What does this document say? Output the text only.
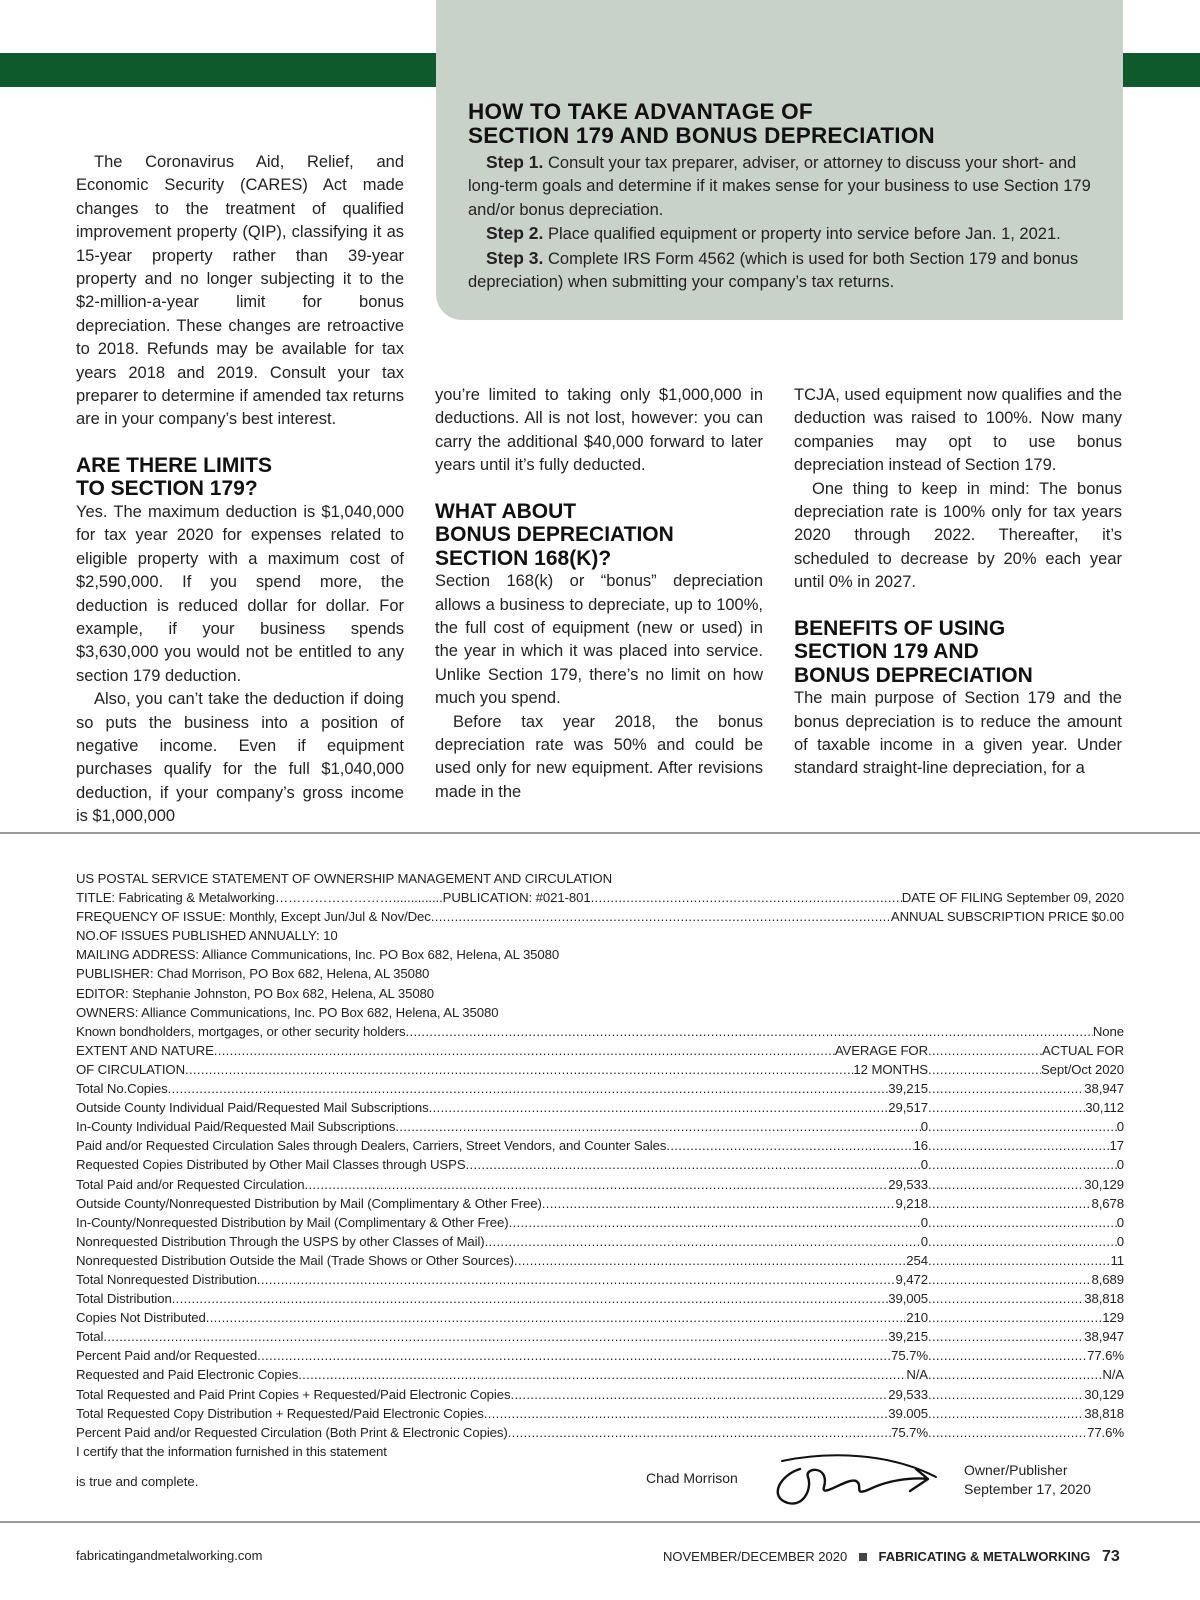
HOW TO TAKE ADVANTAGE OF
SECTION 179 AND BONUS DEPRECIATION

Step 1. Consult your tax preparer, adviser, or attorney to discuss your short- and long-term goals and determine if it makes sense for your business to use Section 179 and/or bonus depreciation.

Step 2. Place qualified equipment or property into service before Jan. 1, 2021.

Step 3. Complete IRS Form 4562 (which is used for both Section 179 and bonus depreciation) when submitting your company’s tax returns.

The Coronavirus Aid, Relief, and Economic Security (CARES) Act made changes to the treatment of qualified improvement property (QIP), classifying it as 15-year property rather than 39-year property and no longer subjecting it to the $2-million-a-year limit for bonus depreciation. These changes are retroactive to 2018. Refunds may be available for tax years 2018 and 2019. Consult your tax preparer to determine if amended tax returns are in your company’s best interest.

ARE THERE LIMITS
TO SECTION 179?

Yes. The maximum deduction is $1,040,000 for tax year 2020 for expenses related to eligible property with a maximum cost of $2,590,000. If you spend more, the deduction is reduced dollar for dollar. For example, if your business spends $3,630,000 you would not be entitled to any section 179 deduction.

Also, you can’t take the deduction if doing so puts the business into a position of negative income. Even if equipment purchases qualify for the full $1,040,000 deduction, if your company’s gross income is $1,000,000

you’re limited to taking only $1,000,000 in deductions. All is not lost, however: you can carry the additional $40,000 forward to later years until it’s fully deducted.

WHAT ABOUT
BONUS DEPRECIATION
SECTION 168(K)?

Section 168(k) or “bonus” depreciation allows a business to depreciate, up to 100%, the full cost of equipment (new or used) in the year in which it was placed into service. Unlike Section 179, there’s no limit on how much you spend.

Before tax year 2018, the bonus depreciation rate was 50% and could be used only for new equipment. After revisions made in the

TCJA, used equipment now qualifies and the deduction was raised to 100%. Now many companies may opt to use bonus depreciation instead of Section 179.

One thing to keep in mind: The bonus depreciation rate is 100% only for tax years 2020 through 2022. Thereafter, it’s scheduled to decrease by 20% each year until 0% in 2027.

BENEFITS OF USING
SECTION 179 AND
BONUS DEPRECIATION

The main purpose of Section 179 and the bonus depreciation is to reduce the amount of taxable income in a given year. Under standard straight-line depreciation, for a

US POSTAL SERVICE STATEMENT OF OWNERSHIP MANAGEMENT AND CIRCULATION
TITLE: Fabricating & Metalworking ……………………….............. PUBLICATION: #021-801 .....	DATE OF FILING September 09, 2020
FREQUENCY OF ISSUE: Monthly, Except Jun/Jul & Nov/Dec .....	ANNUAL SUBSCRIPTION PRICE $0.00
NO.OF ISSUES PUBLISHED ANNUALLY: 10
MAILING ADDRESS: Alliance Communications, Inc. PO Box 682, Helena, AL 35080
PUBLISHER: Chad Morrison, PO Box 682, Helena, AL 35080
EDITOR: Stephanie Johnston, PO Box 682, Helena, AL 35080
OWNERS: Alliance Communications, Inc. PO Box 682, Helena, AL 35080
Known bondholders, mortgages, or other security holders .....	None
EXTENT AND NATURE .....	AVERAGE FOR .....	ACTUAL FOR
OF CIRCULATION .....	12 MONTHS .....	Sept/Oct 2020
Total No.Copies .....	39,215 .....	38,947
Outside County Individual Paid/Requested Mail Subscriptions .....	29,517 .....	30,112
In-County Individual Paid/Requested Mail Subscriptions .....	0 .....	0
Paid and/or Requested Circulation Sales through Dealers, Carriers, Street Vendors, and Counter Sales .....	16 .....	17
Requested Copies Distributed by Other Mail Classes through USPS .....	0 .....	0
Total Paid and/or Requested Circulation .....	29,533 .....	30,129
Outside County/Nonrequested Distribution by Mail (Complimentary & Other Free) .....	9,218 .....	8,678
In-County/Nonrequested Distribution by Mail (Complimentary & Other Free) .....	0 .....	0
Nonrequested Distribution Through the USPS by other Classes of Mail) .....	0 .....	0
Nonrequested Distribution Outside the Mail (Trade Shows or Other Sources) .....	254 .....	11
Total Nonrequested Distribution .....	9,472 .....	8,689
Total Distribution .....	39,005 .....	38,818
Copies Not Distributed .....	.210 .....	129
Total .....	39,215 .....	38,947
Percent Paid and/or Requested .....	75.7% .....	77.6%
Requested and Paid Electronic Copies .....	N/A .....	N/A
Total Requested and Paid Print Copies + Requested/Paid Electronic Copies .....	29,533 .....	30,129
Total Requested Copy Distribution + Requested/Paid Electronic Copies .....	39.005 .....	38,818
Percent Paid and/or Requested Circulation (Both Print & Electronic Copies) .....	75.7% .....	77.6%
I certify that the information furnished in this statement
is true and complete.	Chad Morrison	Owner/Publisher
September 17, 2020
fabricatingandmetalworking.com	NOVEMBER/DECEMBER 2020 FABRICATING & METALWORKING 73
